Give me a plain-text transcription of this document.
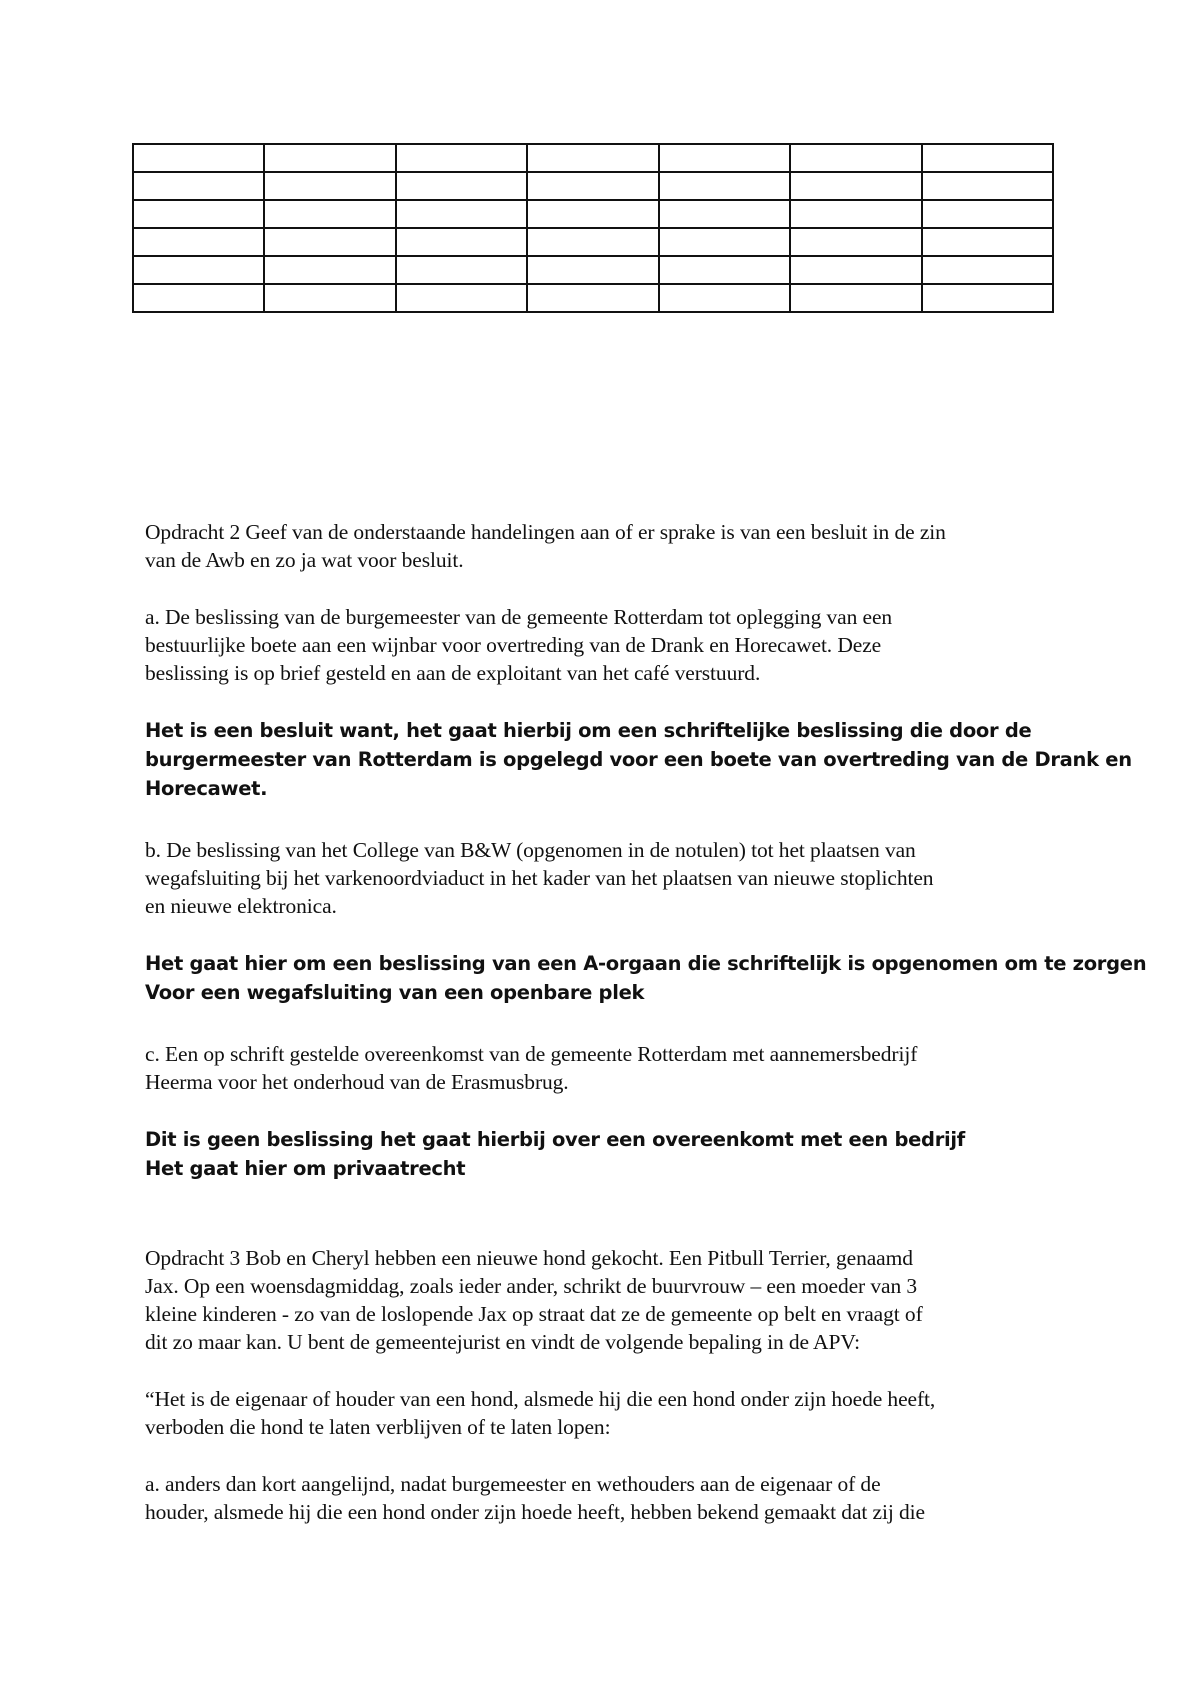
Opdracht 2 Geef van de onderstaande handelingen aan of er sprake is van een besluit in de zin
van de Awb en zo ja wat voor besluit.
a. De beslissing van de burgemeester van de gemeente Rotterdam tot oplegging van een
bestuurlijke boete aan een wijnbar voor overtreding van de Drank en Horecawet. Deze
beslissing is op brief gesteld en aan de exploitant van het café verstuurd.
Het is een besluit want, het gaat hierbij om een schriftelijke beslissing die door de
burgermeester van Rotterdam is opgelegd voor een boete van overtreding van de Drank en
Horecawet.
b. De beslissing van het College van B&W (opgenomen in de notulen) tot het plaatsen van
wegafsluiting bij het varkenoordviaduct in het kader van het plaatsen van nieuwe stoplichten
en nieuwe elektronica.
Het gaat hier om een beslissing van een A-orgaan die schriftelijk is opgenomen om te zorgen
Voor een wegafsluiting van een openbare plek
c. Een op schrift gestelde overeenkomst van de gemeente Rotterdam met aannemersbedrijf
Heerma voor het onderhoud van de Erasmusbrug.
Dit is geen beslissing het gaat hierbij over een overeenkomt met een bedrijf
Het gaat hier om privaatrecht
Opdracht 3 Bob en Cheryl hebben een nieuwe hond gekocht. Een Pitbull Terrier, genaamd
Jax. Op een woensdagmiddag, zoals ieder ander, schrikt de buurvrouw – een moeder van 3
kleine kinderen - zo van de loslopende Jax op straat dat ze de gemeente op belt en vraagt of
dit zo maar kan. U bent de gemeentejurist en vindt de volgende bepaling in de APV:
“Het is de eigenaar of houder van een hond, alsmede hij die een hond onder zijn hoede heeft,
verboden die hond te laten verblijven of te laten lopen:
a. anders dan kort aangelijnd, nadat burgemeester en wethouders aan de eigenaar of de
houder, alsmede hij die een hond onder zijn hoede heeft, hebben bekend gemaakt dat zij die
